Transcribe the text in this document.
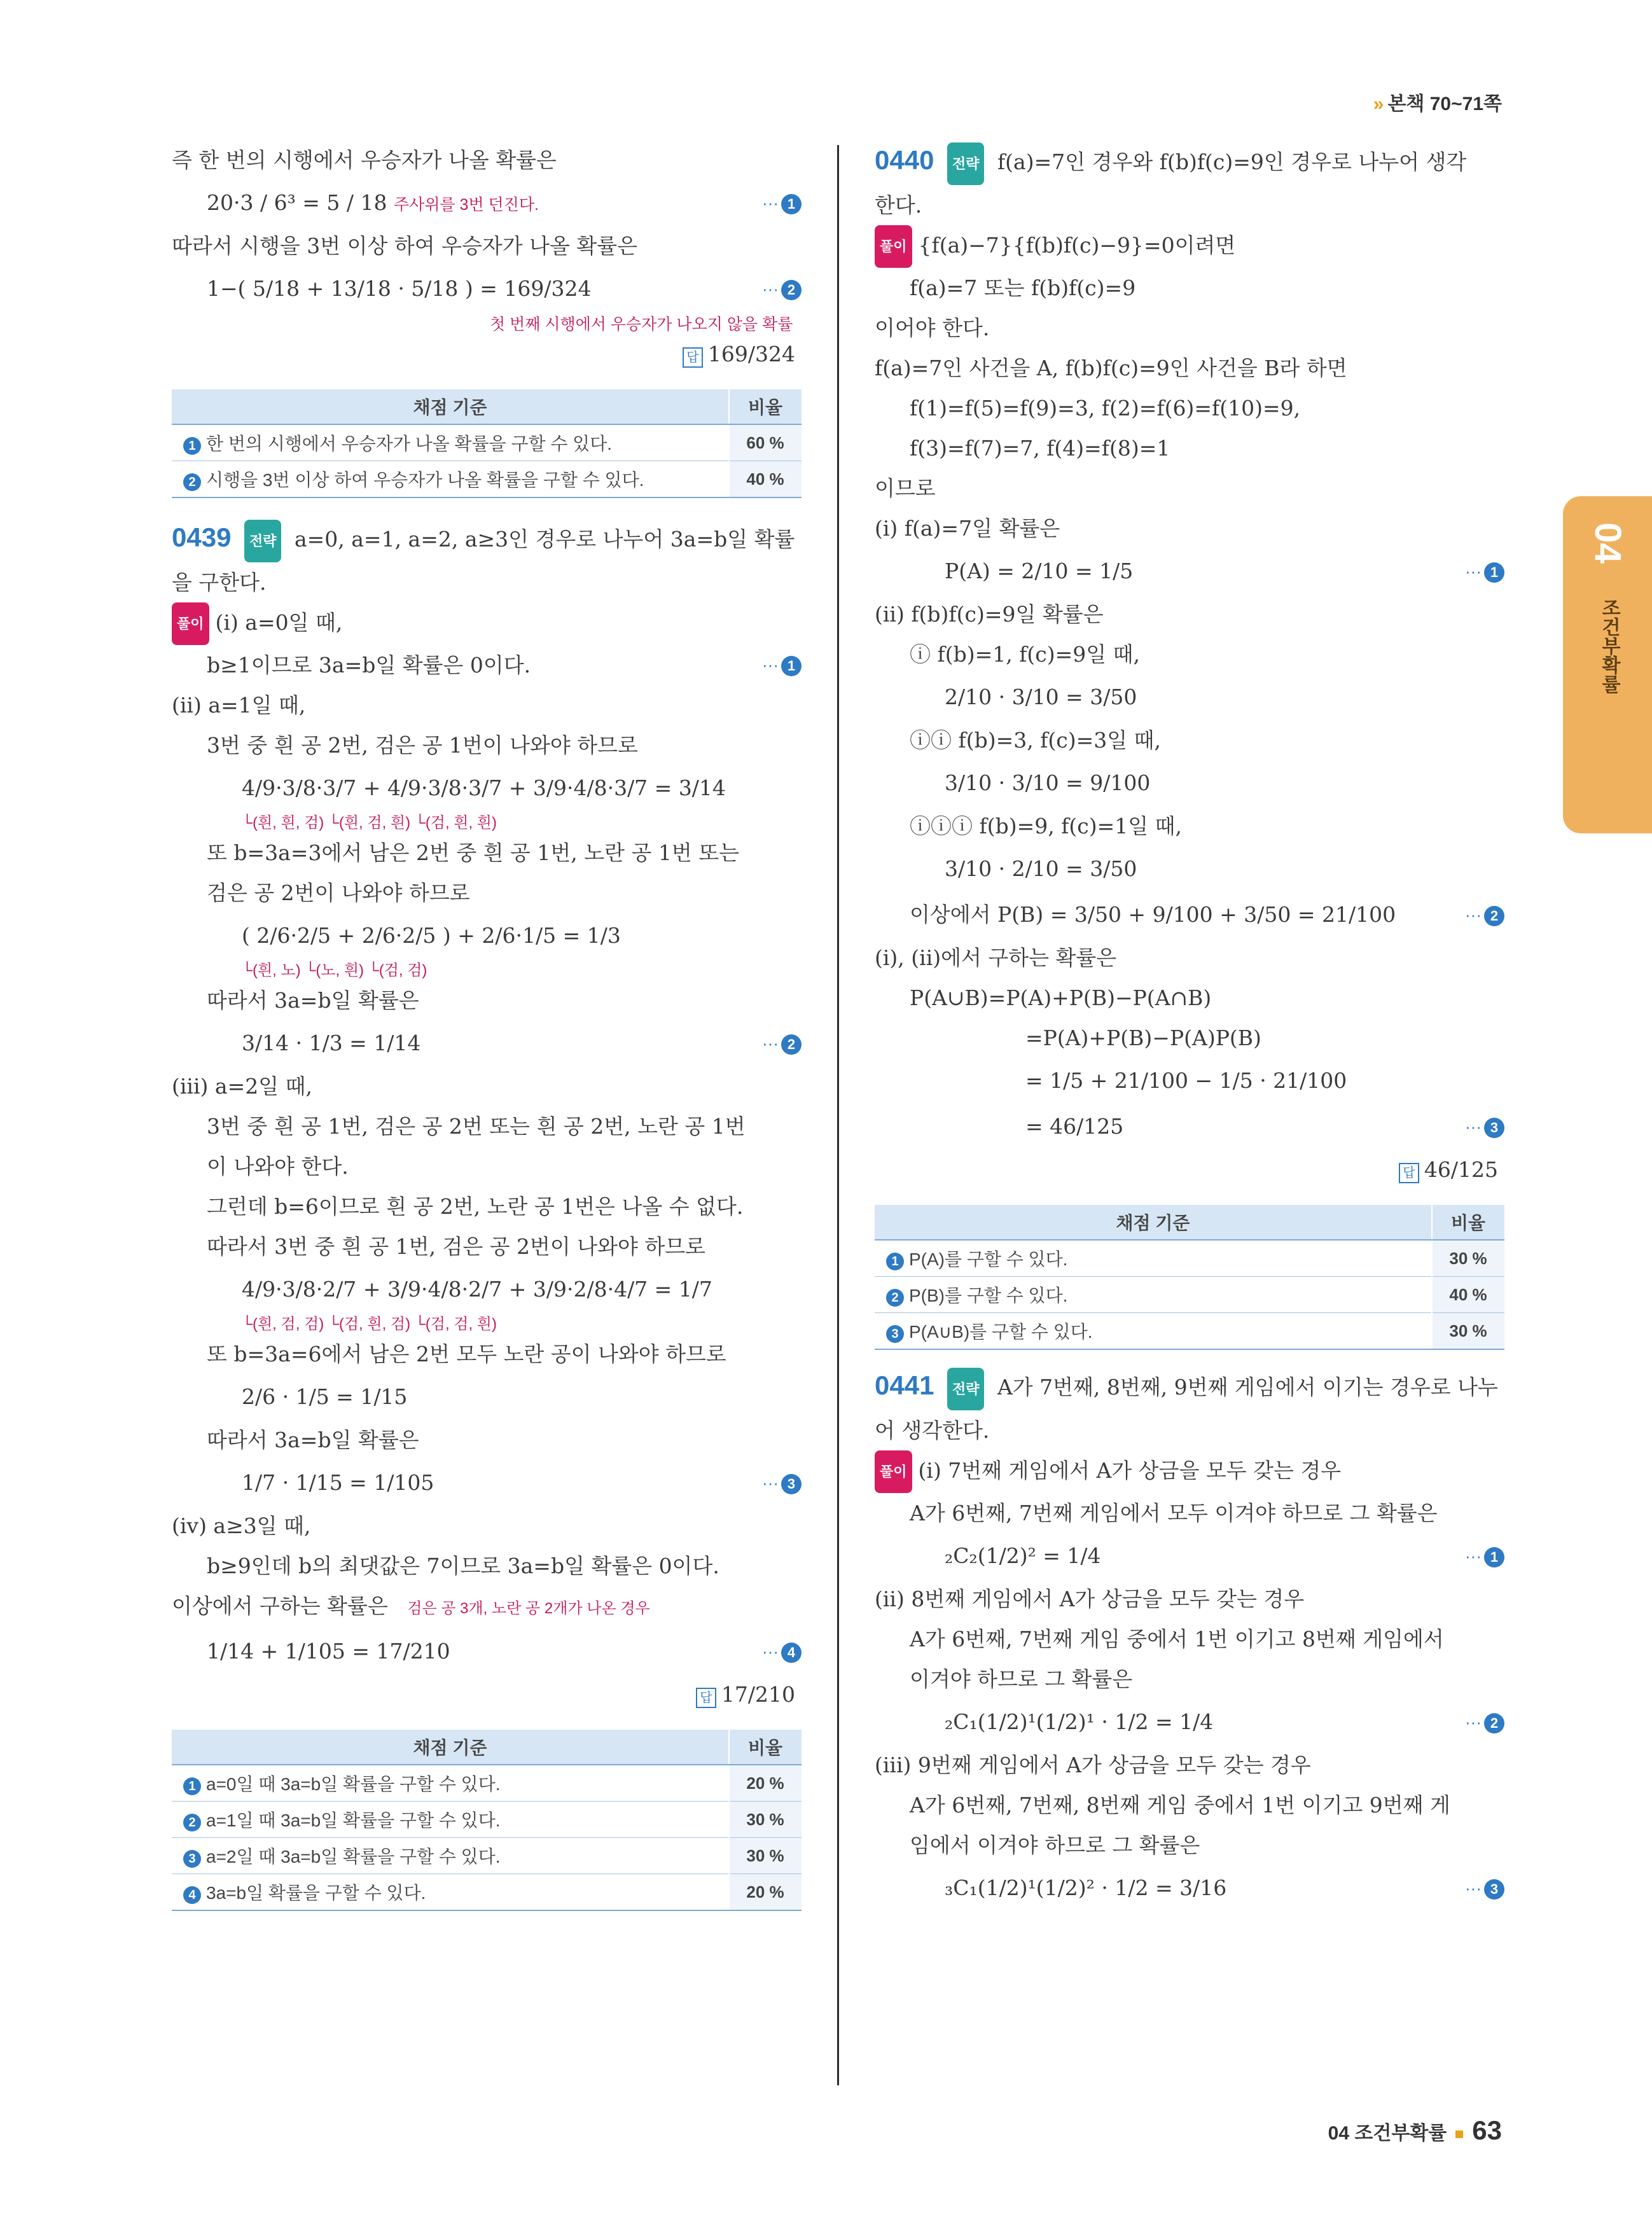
» 본책 70~71쪽
04
조건부확률
즉 한 번의 시행에서 우승자가 나올 확률은
20·3 / 6³ = 5 / 18 주사위를 3번 던진다.	··· 1
따라서 시행을 3번 이상 하여 우승자가 나올 확률은
1−( 5/18 + 13/18 · 5/18 ) = 169/324	··· 2
첫 번째 시행에서 우승자가 나오지 않을 확률
답 169/324
채점 기준	비율
1 한 번의 시행에서 우승자가 나올 확률을 구할 수 있다.	60 %
2 시행을 3번 이상 하여 우승자가 나올 확률을 구할 수 있다.	40 %
0439 전략 a=0, a=1, a=2, a≥3인 경우로 나누어 3a=b일 확률을 구한다.
풀이 (i) a=0일 때,
b≥1이므로 3a=b일 확률은 0이다.	··· 1
(ii) a=1일 때,
3번 중 흰 공 2번, 검은 공 1번이 나와야 하므로
4/9·3/8·3/7 + 4/9·3/8·3/7 + 3/9·4/8·3/7 = 3/14
└(흰, 흰, 검) └(흰, 검, 흰) └(검, 흰, 흰)
또 b=3a=3에서 남은 2번 중 흰 공 1번, 노란 공 1번 또는
검은 공 2번이 나와야 하므로
( 2/6·2/5 + 2/6·2/5 ) + 2/6·1/5 = 1/3
└(흰, 노) └(노, 흰) └(검, 검)
따라서 3a=b일 확률은
3/14 · 1/3 = 1/14	··· 2
(iii) a=2일 때,
3번 중 흰 공 1번, 검은 공 2번 또는 흰 공 2번, 노란 공 1번
이 나와야 한다.
그런데 b=6이므로 흰 공 2번, 노란 공 1번은 나올 수 없다.
따라서 3번 중 흰 공 1번, 검은 공 2번이 나와야 하므로
4/9·3/8·2/7 + 3/9·4/8·2/7 + 3/9·2/8·4/7 = 1/7
└(흰, 검, 검) └(검, 흰, 검) └(검, 검, 흰)
또 b=3a=6에서 남은 2번 모두 노란 공이 나와야 하므로
2/6 · 1/5 = 1/15
따라서 3a=b일 확률은
1/7 · 1/15 = 1/105	··· 3
(iv) a≥3일 때,
b≥9인데 b의 최댓값은 7이므로 3a=b일 확률은 0이다.
이상에서 구하는 확률은 검은 공 3개, 노란 공 2개가 나온 경우
1/14 + 1/105 = 17/210	··· 4
답 17/210
채점 기준	비율
1 a=0일 때 3a=b일 확률을 구할 수 있다.	20 %
2 a=1일 때 3a=b일 확률을 구할 수 있다.	30 %
3 a=2일 때 3a=b일 확률을 구할 수 있다.	30 %
4 3a=b일 확률을 구할 수 있다.	20 %
0440 전략 f(a)=7인 경우와 f(b)f(c)=9인 경우로 나누어 생각
한다.
풀이 {f(a)−7}{f(b)f(c)−9}=0이려면
f(a)=7 또는 f(b)f(c)=9
이어야 한다.
f(a)=7인 사건을 A, f(b)f(c)=9인 사건을 B라 하면
f(1)=f(5)=f(9)=3, f(2)=f(6)=f(10)=9,
f(3)=f(7)=7, f(4)=f(8)=1
이므로
(i) f(a)=7일 확률은
P(A) = 2/10 = 1/5	··· 1
(ii) f(b)f(c)=9일 확률은
ⓘ f(b)=1, f(c)=9일 때,
2/10 · 3/10 = 3/50
ⓘⓘ f(b)=3, f(c)=3일 때,
3/10 · 3/10 = 9/100
ⓘⓘⓘ f(b)=9, f(c)=1일 때,
3/10 · 2/10 = 3/50
이상에서 P(B) = 3/50 + 9/100 + 3/50 = 21/100	··· 2
(i), (ii)에서 구하는 확률은
P(A∪B)=P(A)+P(B)−P(A∩B)
=P(A)+P(B)−P(A)P(B)
= 1/5 + 21/100 − 1/5 · 21/100
= 46/125	··· 3
답 46/125
채점 기준	비율
1 P(A)를 구할 수 있다.	30 %
2 P(B)를 구할 수 있다.	40 %
3 P(A∪B)를 구할 수 있다.	30 %
0441 전략 A가 7번째, 8번째, 9번째 게임에서 이기는 경우로 나누
어 생각한다.
풀이 (i) 7번째 게임에서 A가 상금을 모두 갖는 경우
A가 6번째, 7번째 게임에서 모두 이겨야 하므로 그 확률은
₂C₂(1/2)² = 1/4	··· 1
(ii) 8번째 게임에서 A가 상금을 모두 갖는 경우
A가 6번째, 7번째 게임 중에서 1번 이기고 8번째 게임에서
이겨야 하므로 그 확률은
₂C₁(1/2)¹(1/2)¹ · 1/2 = 1/4	··· 2
(iii) 9번째 게임에서 A가 상금을 모두 갖는 경우
A가 6번째, 7번째, 8번째 게임 중에서 1번 이기고 9번째 게
임에서 이겨야 하므로 그 확률은
₃C₁(1/2)¹(1/2)² · 1/2 = 3/16	··· 3
04 조건부확률 63
